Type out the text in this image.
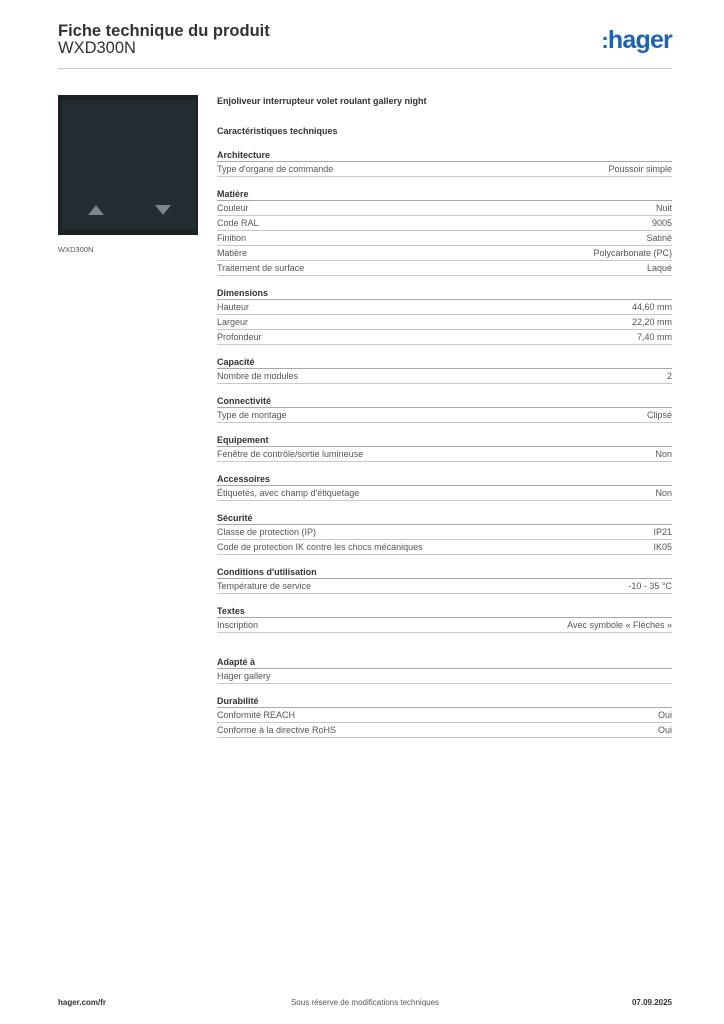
Fiche technique du produit
WXD300N	:hager
WXD300N
Enjoliveur interrupteur volet roulant gallery night
Caractéristiques techniques
Architecture
Type d'organe de commande	Poussoir simple
Matière
Couleur	Nuit
Code RAL	9005
Finition	Satiné
Matière	Polycarbonate (PC)
Traitement de surface	Laqué
Dimensions
Hauteur	44,60 mm
Largeur	22,20 mm
Profondeur	7,40 mm
Capacité
Nombre de modules	2
Connectivité
Type de montage	Clipsé
Equipement
Fenêtre de contrôle/sortie lumineuse	Non
Accessoires
Étiquetés, avec champ d'étiquetage	Non
Sécurité
Classe de protection (IP)	IP21
Code de protection IK contre les chocs mécaniques	IK05
Conditions d'utilisation
Température de service	-10 - 35 °C
Textes
Inscription	Avec symbole « Flèches »
Adapté à
Hager gallery
Durabilité
Conformité REACH	Oui
Conforme à la directive RoHS	Oui
hager.com/fr	Sous réserve de modifications techniques	07.09.2025
